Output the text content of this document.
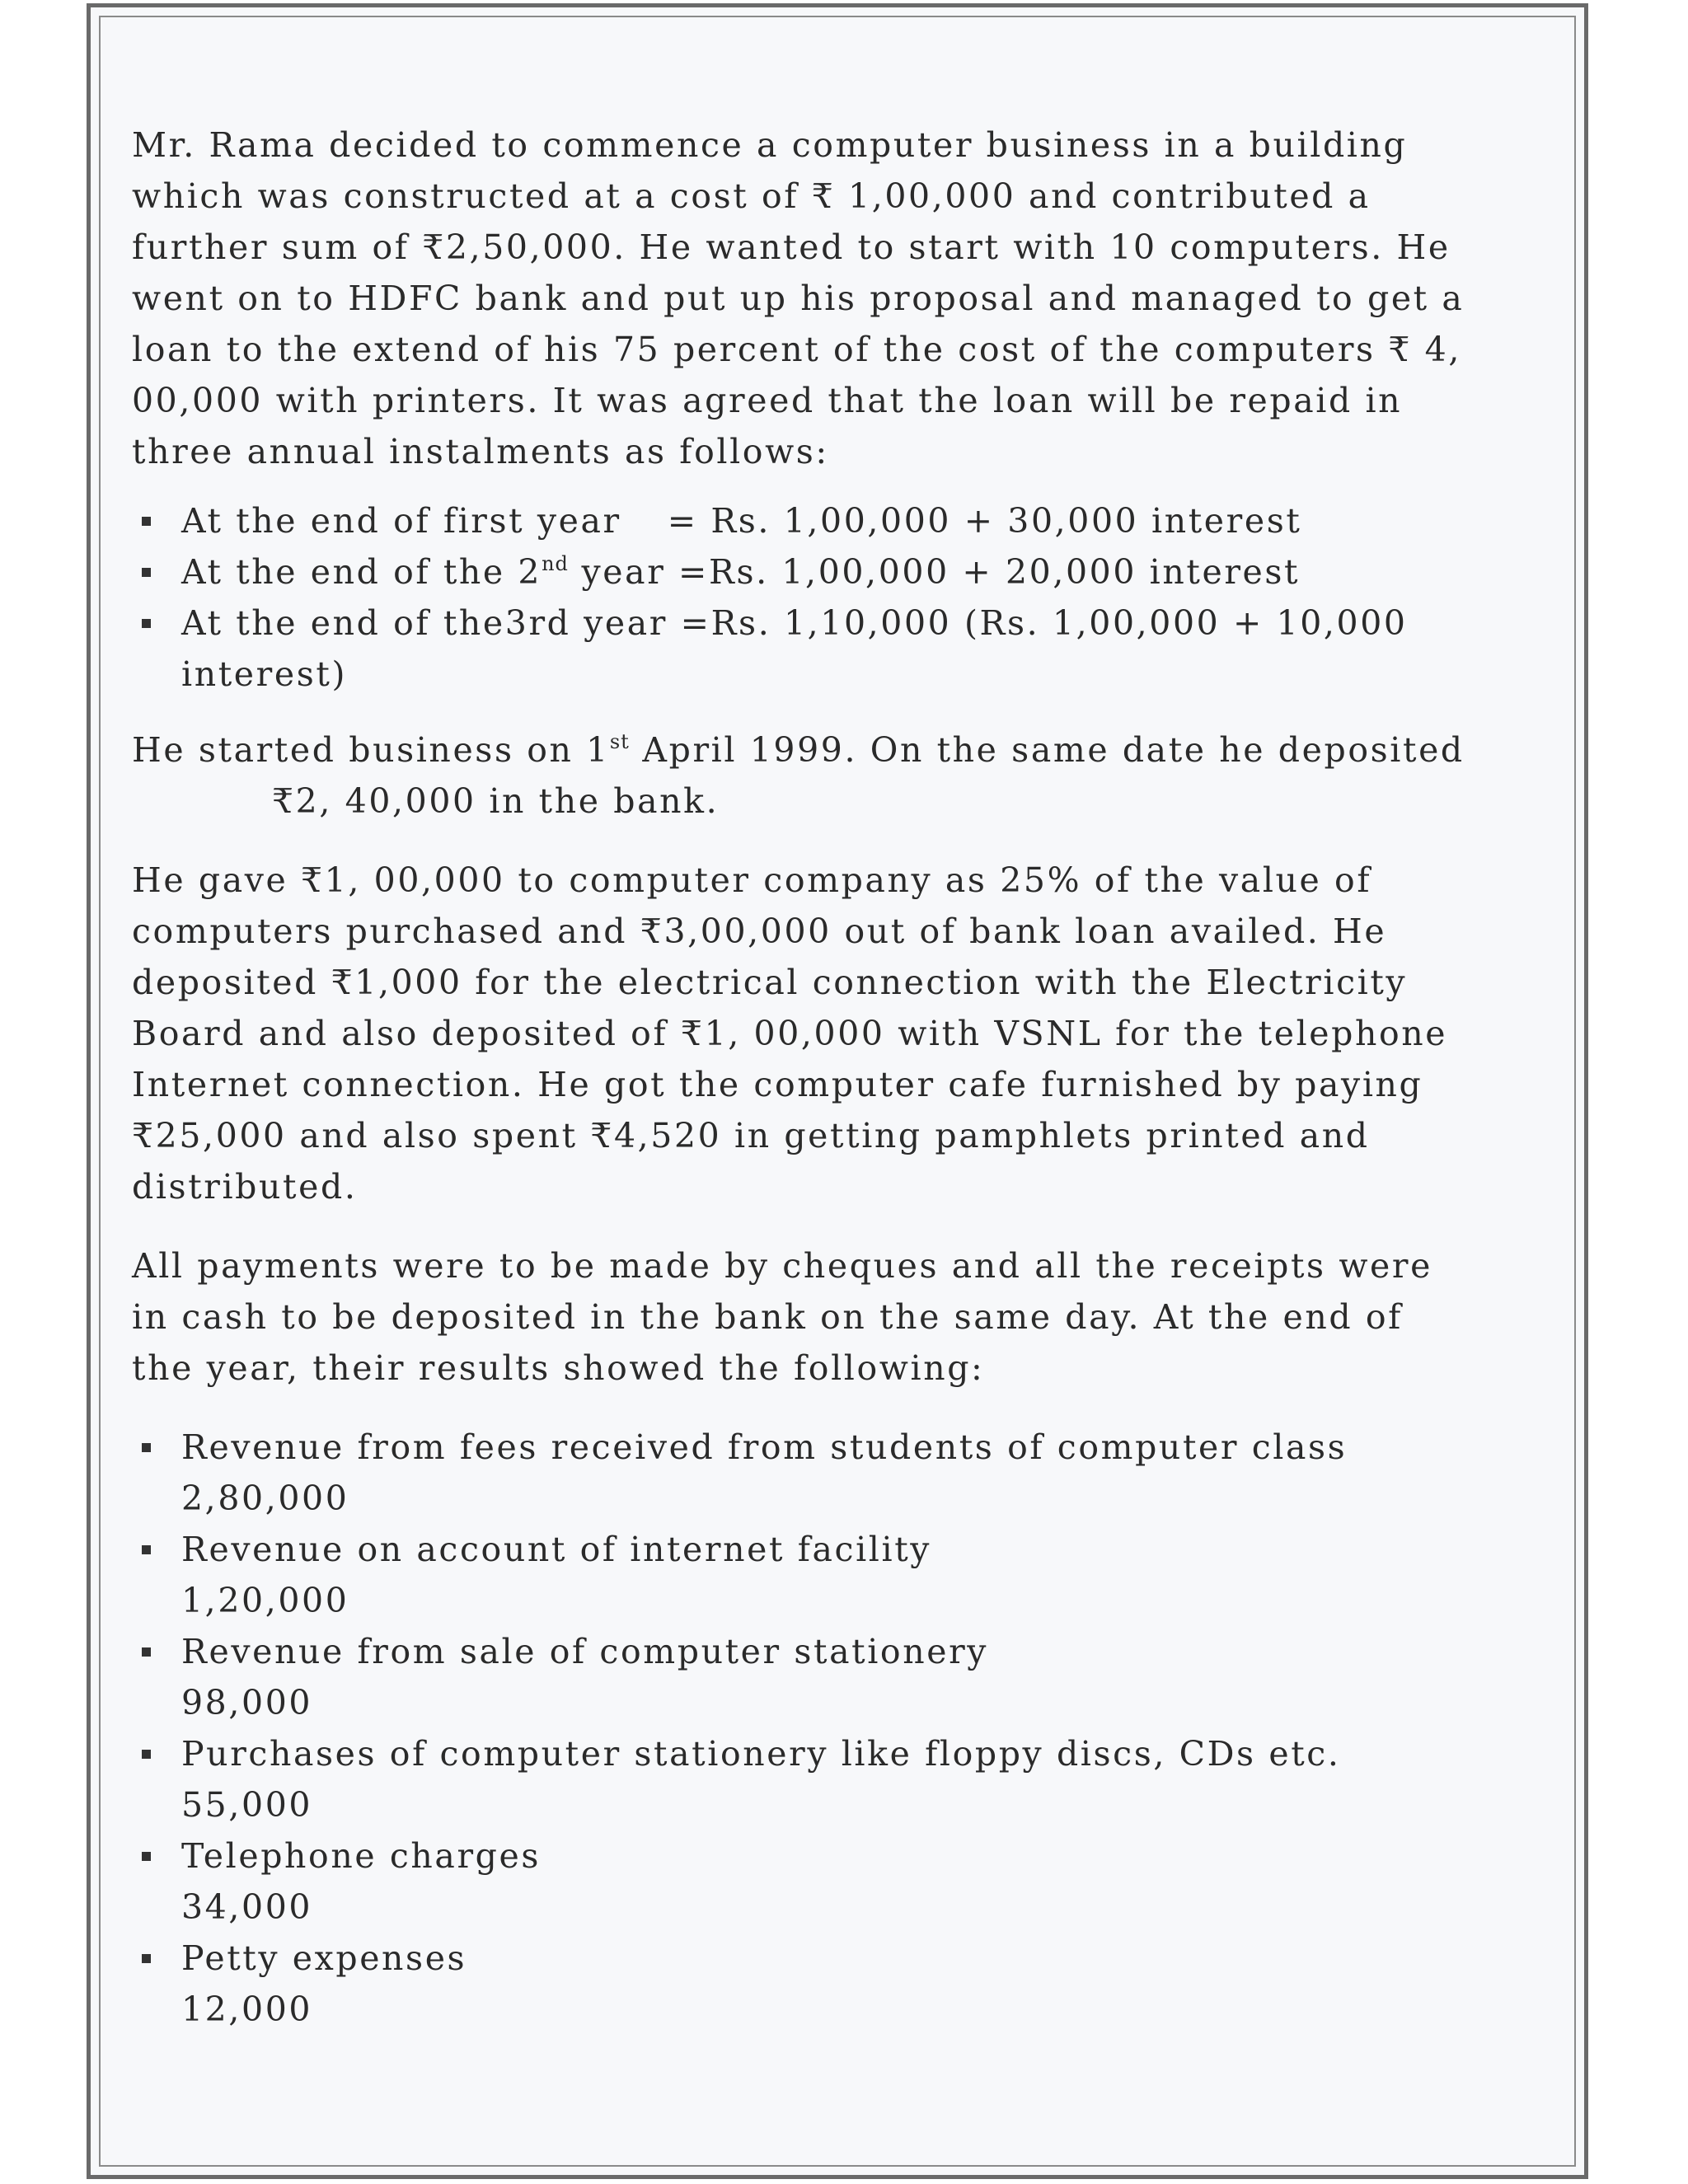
Mr. Rama decided to commence a computer business in a building which was constructed at a cost of ₹ 1,00,000 and contributed a further sum of ₹2,50,000. He wanted to start with 10 computers. He went on to HDFC bank and put up his proposal and managed to get a loan to the extend of his 75 percent of the cost of the computers ₹ 4, 00,000 with printers. It was agreed that the loan will be repaid in three annual instalments as follows:

At the end of first year = Rs. 1,00,000 + 30,000 interest
At the end of the 2nd year =Rs. 1,00,000 + 20,000 interest
At the end of the3rd year =Rs. 1,10,000 (Rs. 1,00,000 + 10,000 interest)

He started business on 1st April 1999. On the same date he deposited₹2, 40,000 in the bank.

He gave ₹1, 00,000 to computer company as 25% of the value of computers purchased and ₹3,00,000 out of bank loan availed. He deposited ₹1,000 for the electrical connection with the Electricity Board and also deposited of ₹1, 00,000 with VSNL for the telephone Internet connection. He got the computer cafe furnished by paying ₹25,000 and also spent ₹4,520 in getting pamphlets printed and distributed.

All payments were to be made by cheques and all the receipts were in cash to be deposited in the bank on the same day. At the end of the year, their results showed the following:

Revenue from fees received from students of computer class
2,80,000
Revenue on account of internet facility
1,20,000
Revenue from sale of computer stationery
98,000
Purchases of computer stationery like floppy discs, CDs etc.
55,000
Telephone charges
34,000
Petty expenses
12,000
